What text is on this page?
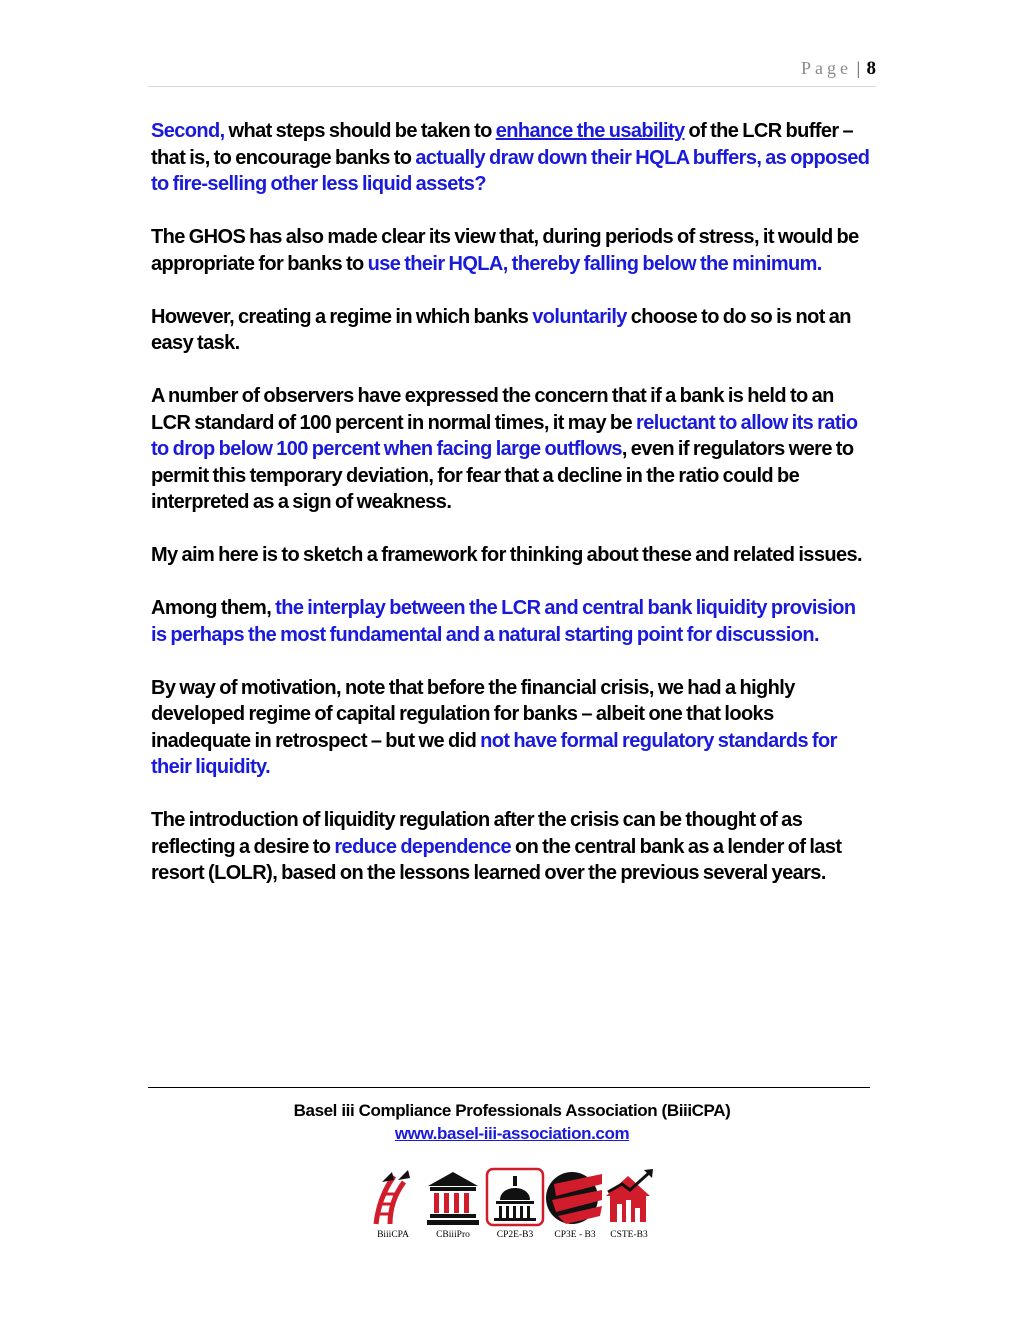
Page | 8

Second, what steps should be taken to enhance the usability of the LCR buffer – that is, to encourage banks to actually draw down their HQLA buffers, as opposed to fire-selling other less liquid assets?

The GHOS has also made clear its view that, during periods of stress, it would be appropriate for banks to use their HQLA, thereby falling below the minimum.

However, creating a regime in which banks voluntarily choose to do so is not an easy task.

A number of observers have expressed the concern that if a bank is held to an LCR standard of 100 percent in normal times, it may be reluctant to allow its ratio to drop below 100 percent when facing large outflows, even if regulators were to permit this temporary deviation, for fear that a decline in the ratio could be interpreted as a sign of weakness.

My aim here is to sketch a framework for thinking about these and related issues.

Among them, the interplay between the LCR and central bank liquidity provision is perhaps the most fundamental and a natural starting point for discussion.

By way of motivation, note that before the financial crisis, we had a highly developed regime of capital regulation for banks – albeit one that looks inadequate in retrospect – but we did not have formal regulatory standards for their liquidity.

The introduction of liquidity regulation after the crisis can be thought of as reflecting a desire to reduce dependence on the central bank as a lender of last resort (LOLR), based on the lessons learned over the previous several years.

Basel iii Compliance Professionals Association (BiiiCPA)
www.basel-iii-association.com
BiiiCPA	CBiiiPro	CP2E-B3	CP3E - B3	CSTE-B3
